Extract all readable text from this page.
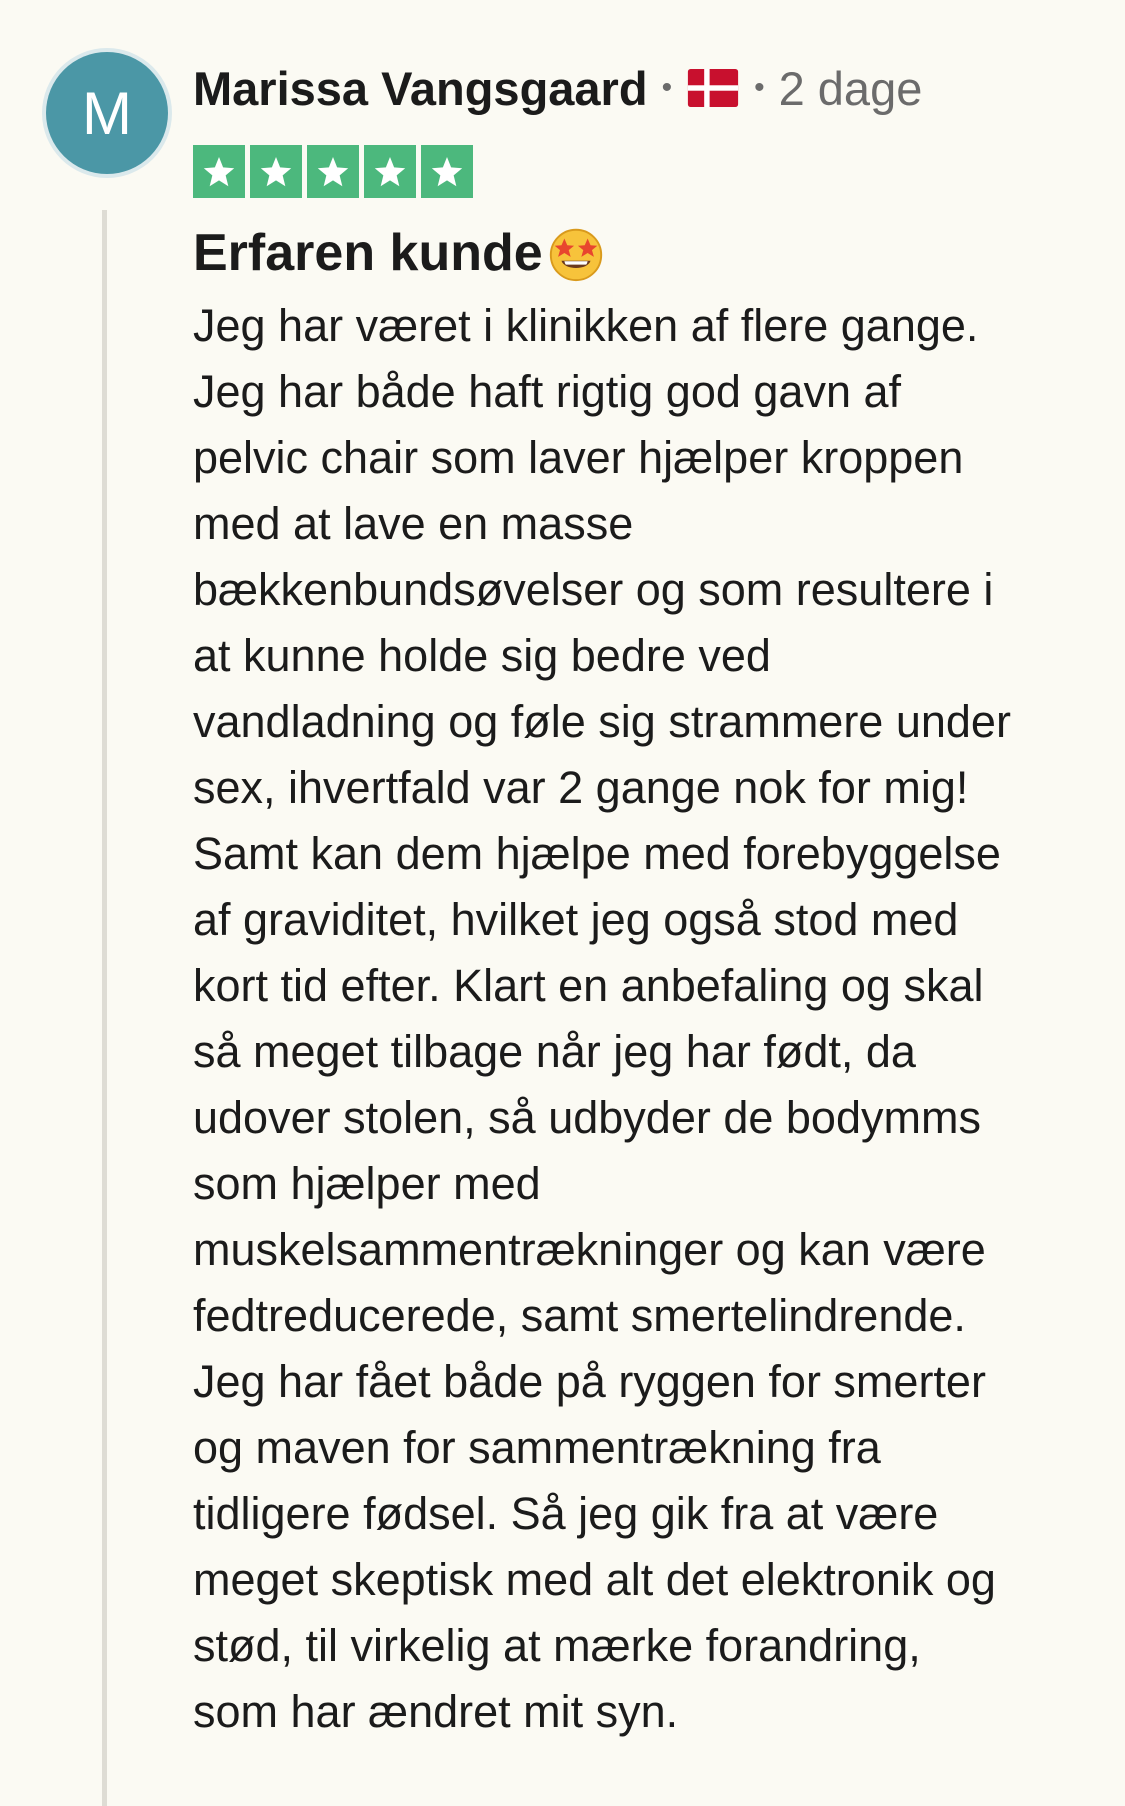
M Marissa Vangsgaard •	• 2 dage
Erfaren kunde

Jeg har været i klinikken af flere gange.
Jeg har både haft rigtig god gavn af
pelvic chair som laver hjælper kroppen
med at lave en masse
bækkenbundsøvelser og som resultere i
at kunne holde sig bedre ved
vandladning og føle sig strammere under
sex, ihvertfald var 2 gange nok for mig!
Samt kan dem hjælpe med forebyggelse
af graviditet, hvilket jeg også stod med
kort tid efter. Klart en anbefaling og skal
så meget tilbage når jeg har født, da
udover stolen, så udbyder de bodymms
som hjælper med
muskelsammentrækninger og kan være
fedtreducerede, samt smertelindrende.
Jeg har fået både på ryggen for smerter
og maven for sammentrækning fra
tidligere fødsel. Så jeg gik fra at være
meget skeptisk med alt det elektronik og
stød, til virkelig at mærke forandring,
som har ændret mit syn.
